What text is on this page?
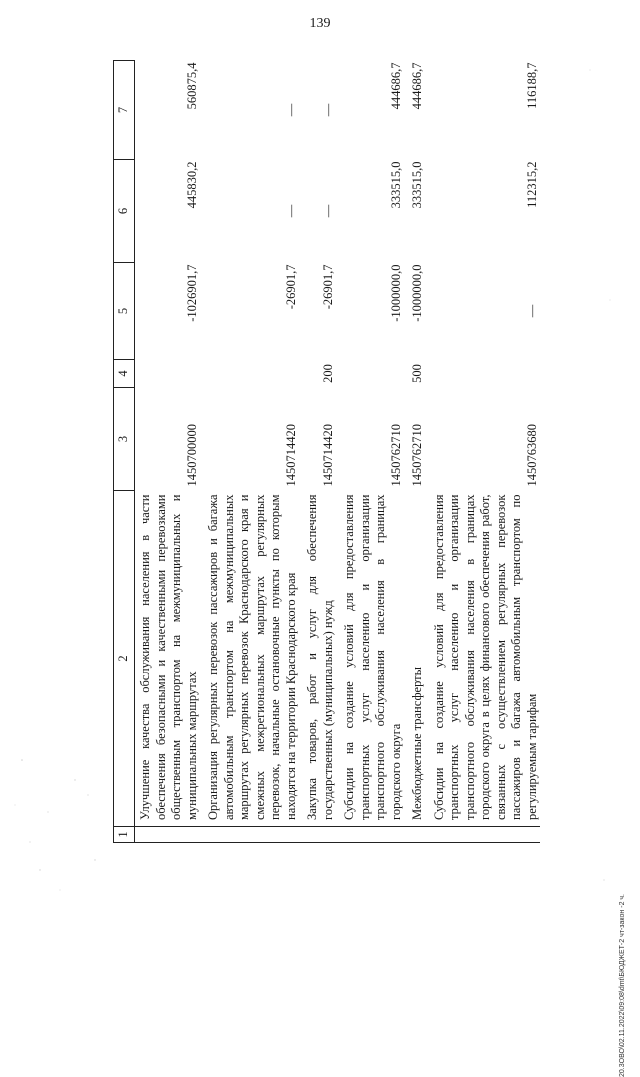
139
1	2	3	4	5	6	7
	Улучшение качества обслуживания населения в части обеспечения безопасными и качественными перевозками общественным транспортом на межмуниципальных и муниципальных маршрутах	1450700000		-1026901,7	445830,2	560875,4
	Организация регулярных перевозок пассажиров и багажа автомобильным транспортом на межмуниципальных маршрутах регулярных перевозок Краснодарского края и смежных межрегиональных маршрутах регулярных перевозок, начальные остановочные пункты по которым находятся на территории Краснодарского края	1450714420		-26901,7	—	—
	Закупка товаров, работ и услуг для обеспечения государственных (муниципальных) нужд	1450714420	200	-26901,7	—	—
	Субсидии на создание условий для предоставления транспортных услуг населению и организации транспортного обслуживания населения в границах городского округа	1450762710		-1000000,0	333515,0	444686,7
	Межбюджетные трансферты	1450762710	500	-1000000,0	333515,0	444686,7
	Субсидии на создание условий для предоставления транспортных услуг населению и организации транспортного обслуживания населения в границах городского округа в целях финансового обеспечения работ, связанных с осуществлением регулярных перевозок пассажиров и багажа автомобильным транспортом по регулируемым тарифам	1450763680		—	112315,2	116188,7
20.3ОВО\02.11.2022\09:08\dmt\БЮДЖЕТ-2 чт-закон -2 ч.
